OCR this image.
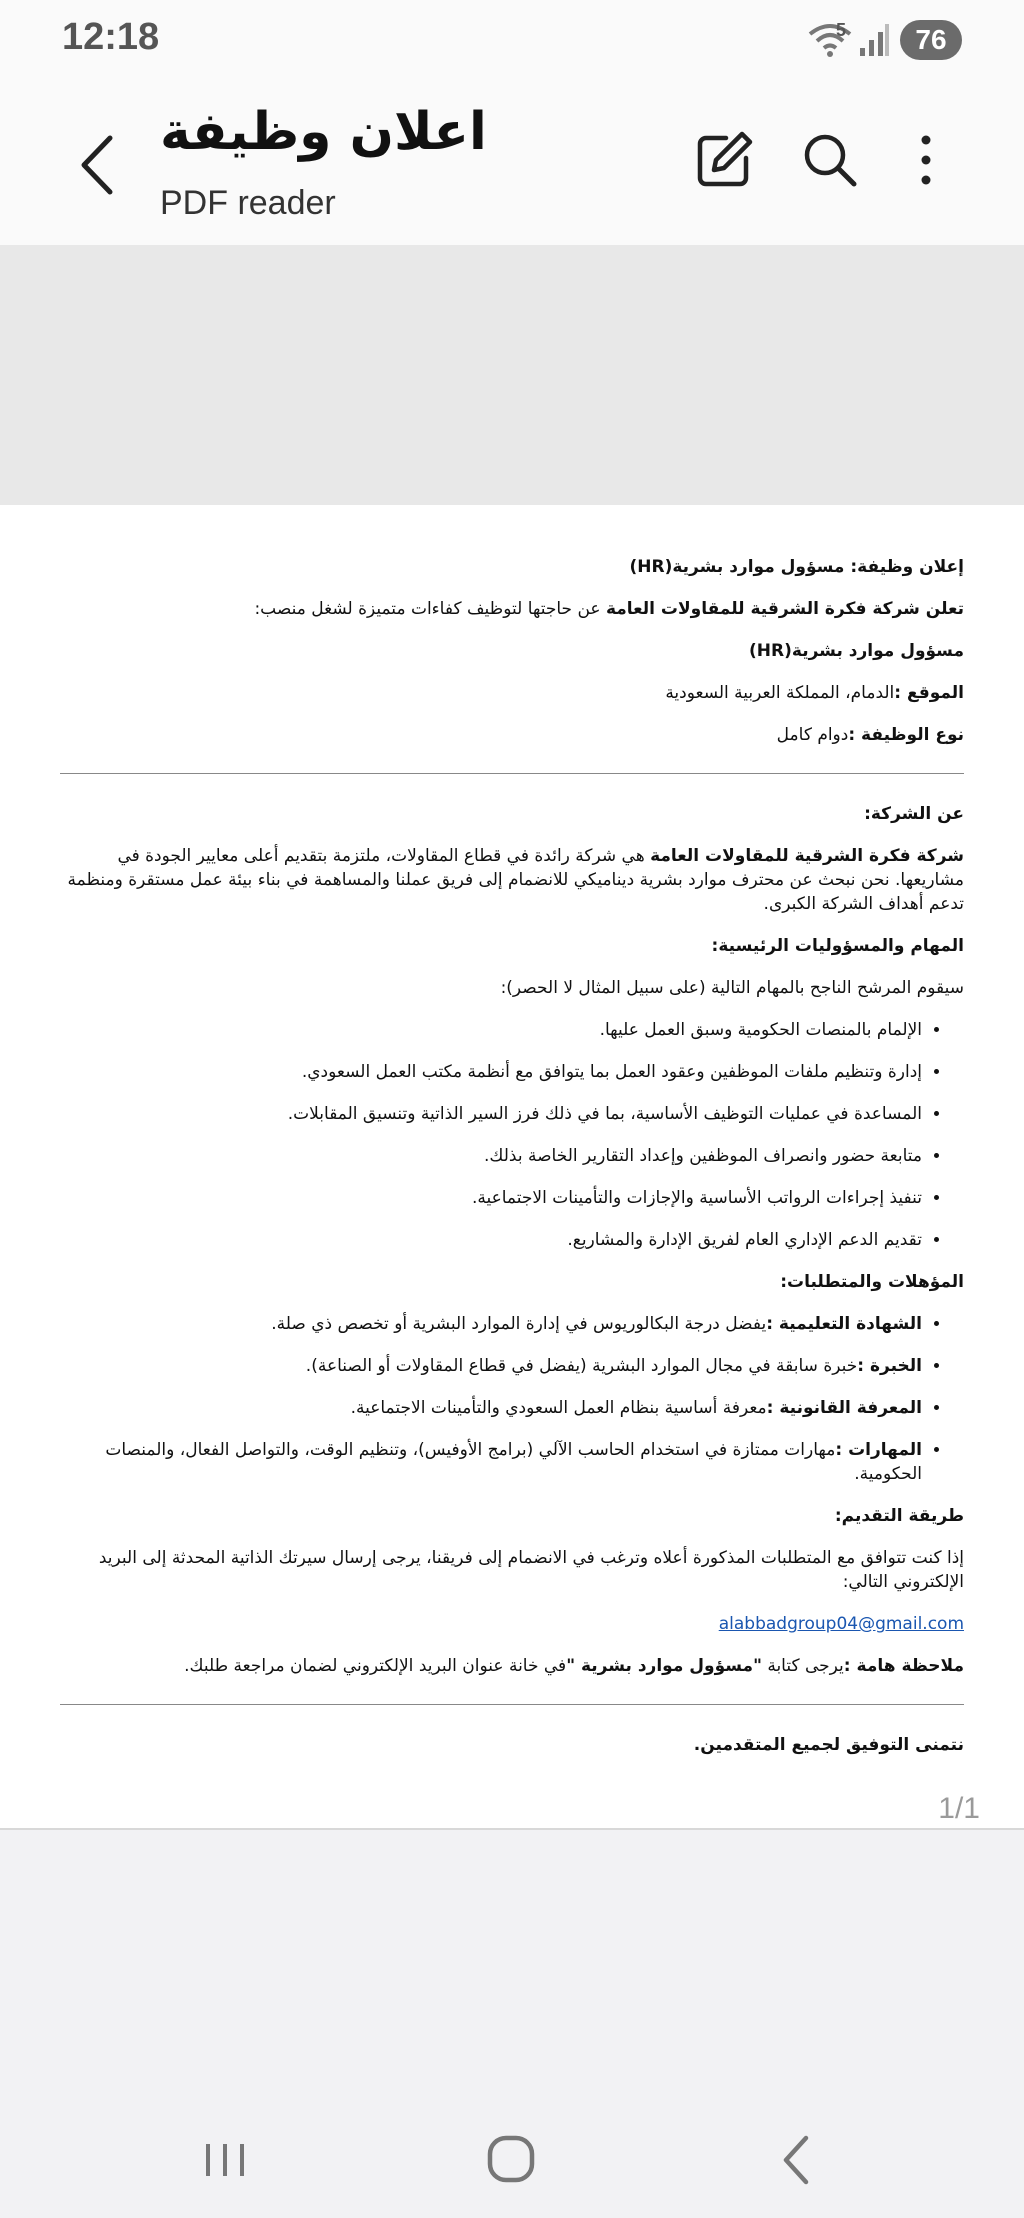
12:18	5	76
اعلان وظيفة
PDF reader

إعلان وظيفة: مسؤول موارد بشرية(HR)

تعلن شركة فكرة الشرقية للمقاولات العامة عن حاجتها لتوظيف كفاءات متميزة لشغل منصب:

مسؤول موارد بشرية(HR)

الموقع :الدمام، المملكة العربية السعودية

نوع الوظيفة :دوام كامل

عن الشركة:

شركة فكرة الشرقية للمقاولات العامة هي شركة رائدة في قطاع المقاولات، ملتزمة بتقديم أعلى معايير الجودة في مشاريعها. نحن نبحث عن محترف موارد بشرية ديناميكي للانضمام إلى فريق عملنا والمساهمة في بناء بيئة عمل مستقرة ومنظمة تدعم أهداف الشركة الكبرى.

المهام والمسؤوليات الرئيسية:

سيقوم المرشح الناجح بالمهام التالية (على سبيل المثال لا الحصر):

• الإلمام بالمنصات الحكومية وسبق العمل عليها.
• إدارة وتنظيم ملفات الموظفين وعقود العمل بما يتوافق مع أنظمة مكتب العمل السعودي.
• المساعدة في عمليات التوظيف الأساسية، بما في ذلك فرز السير الذاتية وتنسيق المقابلات.
• متابعة حضور وانصراف الموظفين وإعداد التقارير الخاصة بذلك.
• تنفيذ إجراءات الرواتب الأساسية والإجازات والتأمينات الاجتماعية.
• تقديم الدعم الإداري العام لفريق الإدارة والمشاريع.

المؤهلات والمتطلبات:

• الشهادة التعليمية :يفضل درجة البكالوريوس في إدارة الموارد البشرية أو تخصص ذي صلة.
• الخبرة :خبرة سابقة في مجال الموارد البشرية (يفضل في قطاع المقاولات أو الصناعة).
• المعرفة القانونية :معرفة أساسية بنظام العمل السعودي والتأمينات الاجتماعية.
• المهارات :مهارات ممتازة في استخدام الحاسب الآلي (برامج الأوفيس)، وتنظيم الوقت، والتواصل الفعال، والمنصات الحكومية.

طريقة التقديم:

إذا كنت تتوافق مع المتطلبات المذكورة أعلاه وترغب في الانضمام إلى فريقنا، يرجى إرسال سيرتك الذاتية المحدثة إلى البريد الإلكتروني التالي:

alabbadgroup04@gmail.com

ملاحظة هامة :يرجى كتابة "مسؤول موارد بشرية "في خانة عنوان البريد الإلكتروني لضمان مراجعة طلبك.

نتمنى التوفيق لجميع المتقدمين.

1/1
